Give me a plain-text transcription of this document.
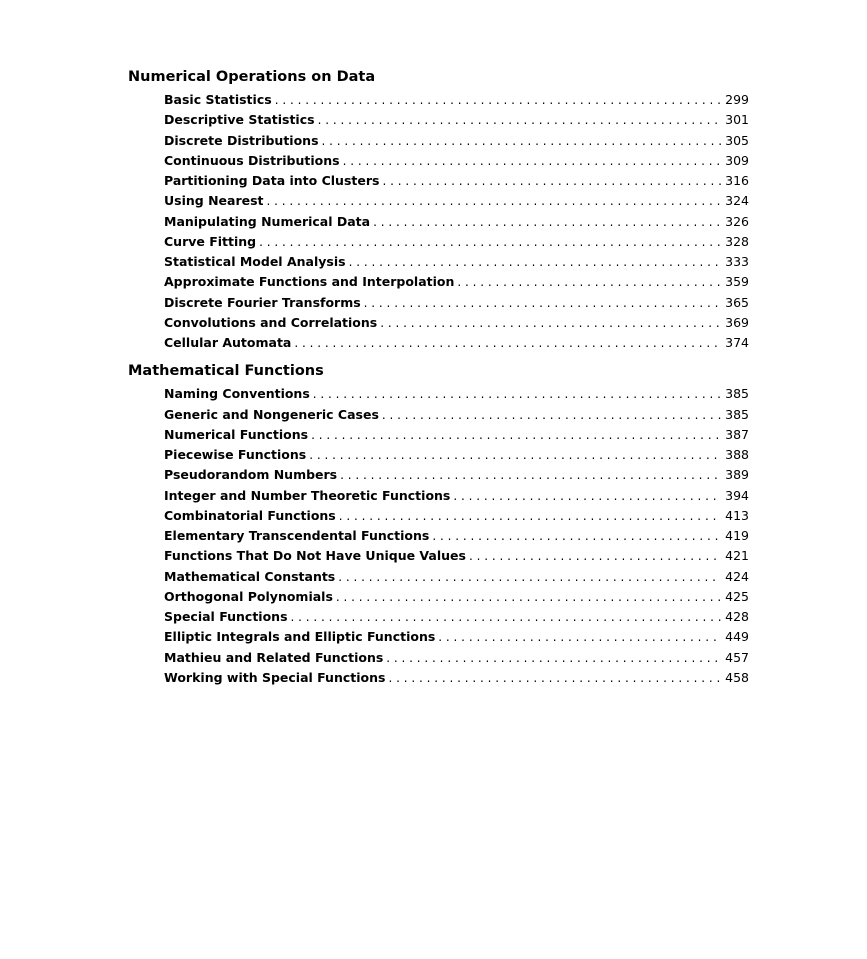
Numerical Operations on Data
Basic Statistics . . .	299
Descriptive Statistics . . .	301
Discrete Distributions . . .	305
Continuous Distributions . . .	309
Partitioning Data into Clusters . . .	316
Using Nearest . . .	324
Manipulating Numerical Data . . .	326
Curve Fitting . . .	328
Statistical Model Analysis . . .	333
Approximate Functions and Interpolation . . .	359
Discrete Fourier Transforms . . .	365
Convolutions and Correlations . . .	369
Cellular Automata . . .	374
Mathematical Functions
Naming Conventions . . .	385
Generic and Nongeneric Cases . . .	385
Numerical Functions . . .	387
Piecewise Functions . . .	388
Pseudorandom Numbers . . .	389
Integer and Number Theoretic Functions . . .	394
Combinatorial Functions . . .	413
Elementary Transcendental Functions . . .	419
Functions That Do Not Have Unique Values . . .	421
Mathematical Constants . . .	424
Orthogonal Polynomials . . .	425
Special Functions . . .	428
Elliptic Integrals and Elliptic Functions . . .	449
Mathieu and Related Functions . . .	457
Working with Special Functions . . .	458
